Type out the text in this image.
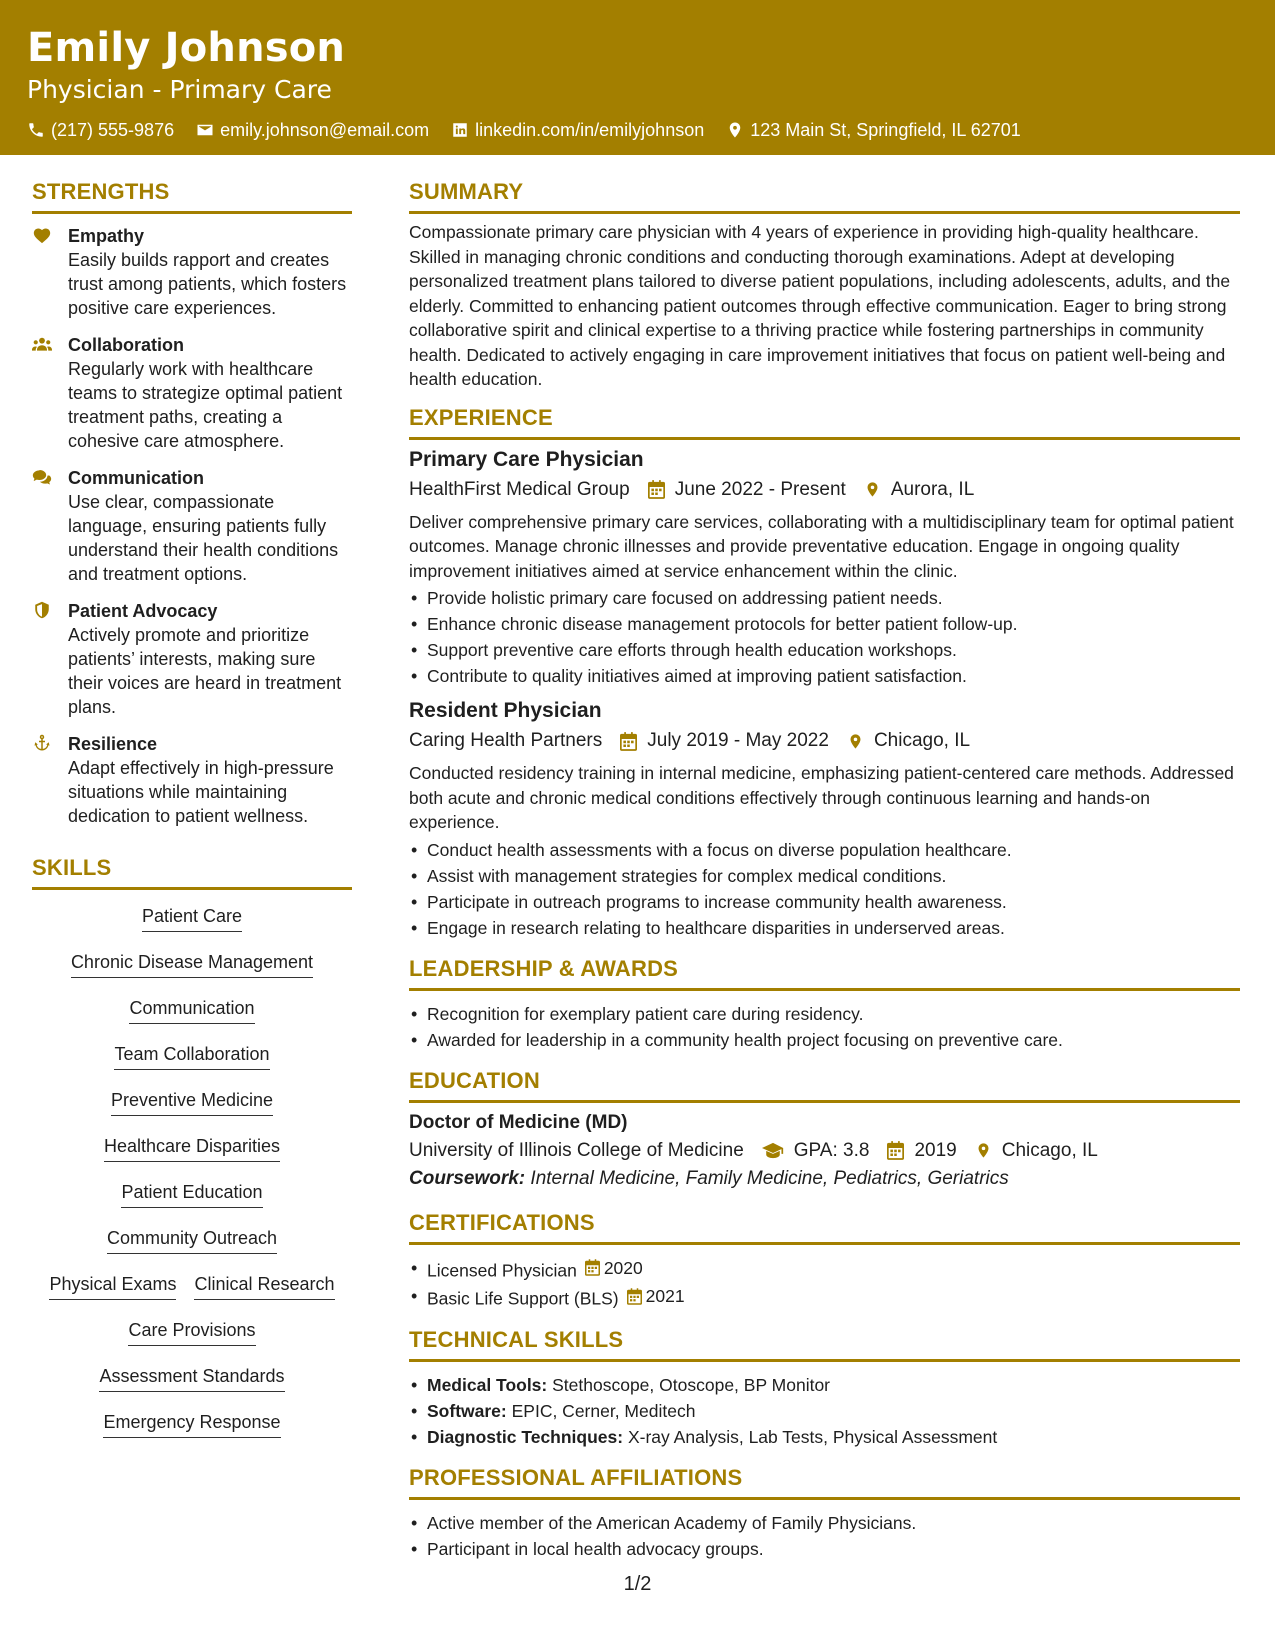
Emily Johnson
Physician - Primary Care
(217) 555-9876	emily.johnson@email.com	linkedin.com/in/emilyjohnson	123 Main St, Springfield, IL 62701
STRENGTHS
Empathy
Easily builds rapport and creates trust among patients, which fosters positive care experiences.
Collaboration
Regularly work with healthcare teams to strategize optimal patient treatment paths, creating a cohesive care atmosphere.
Communication
Use clear, compassionate language, ensuring patients fully understand their health conditions and treatment options.
Patient Advocacy
Actively promote and prioritize patients’ interests, making sure their voices are heard in treatment plans.
Resilience
Adapt effectively in high-pressure situations while maintaining dedication to patient wellness.
SKILLS
Patient Care
Chronic Disease Management
Communication
Team Collaboration
Preventive Medicine
Healthcare Disparities
Patient Education
Community Outreach
Physical Exams Clinical Research
Care Provisions
Assessment Standards
Emergency Response
SUMMARY
Compassionate primary care physician with 4 years of experience in providing high-quality healthcare. Skilled in managing chronic conditions and conducting thorough examinations. Adept at developing personalized treatment plans tailored to diverse patient populations, including adolescents, adults, and the elderly. Committed to enhancing patient outcomes through effective communication. Eager to bring strong collaborative spirit and clinical expertise to a thriving practice while fostering partnerships in community health. Dedicated to actively engaging in care improvement initiatives that focus on patient well-being and health education.
EXPERIENCE
Primary Care Physician
HealthFirst Medical Group June 2022 - Present Aurora, IL
Deliver comprehensive primary care services, collaborating with a multidisciplinary team for optimal patient outcomes. Manage chronic illnesses and provide preventative education. Engage in ongoing quality improvement initiatives aimed at service enhancement within the clinic.
• Provide holistic primary care focused on addressing patient needs.
• Enhance chronic disease management protocols for better patient follow-up.
• Support preventive care efforts through health education workshops.
• Contribute to quality initiatives aimed at improving patient satisfaction.
Resident Physician
Caring Health Partners July 2019 - May 2022 Chicago, IL
Conducted residency training in internal medicine, emphasizing patient-centered care methods. Addressed both acute and chronic medical conditions effectively through continuous learning and hands-on experience.
• Conduct health assessments with a focus on diverse population healthcare.
• Assist with management strategies for complex medical conditions.
• Participate in outreach programs to increase community health awareness.
• Engage in research relating to healthcare disparities in underserved areas.
LEADERSHIP & AWARDS
• Recognition for exemplary patient care during residency.
• Awarded for leadership in a community health project focusing on preventive care.
EDUCATION
Doctor of Medicine (MD)
University of Illinois College of Medicine	GPA: 3.8 2019 Chicago, IL
Coursework: Internal Medicine, Family Medicine, Pediatrics, Geriatrics
CERTIFICATIONS
• Licensed Physician 2020
• Basic Life Support (BLS) 2021
TECHNICAL SKILLS
• Medical Tools: Stethoscope, Otoscope, BP Monitor
• Software: EPIC, Cerner, Meditech
• Diagnostic Techniques: X-ray Analysis, Lab Tests, Physical Assessment
PROFESSIONAL AFFILIATIONS
• Active member of the American Academy of Family Physicians.
• Participant in local health advocacy groups.
1/2
